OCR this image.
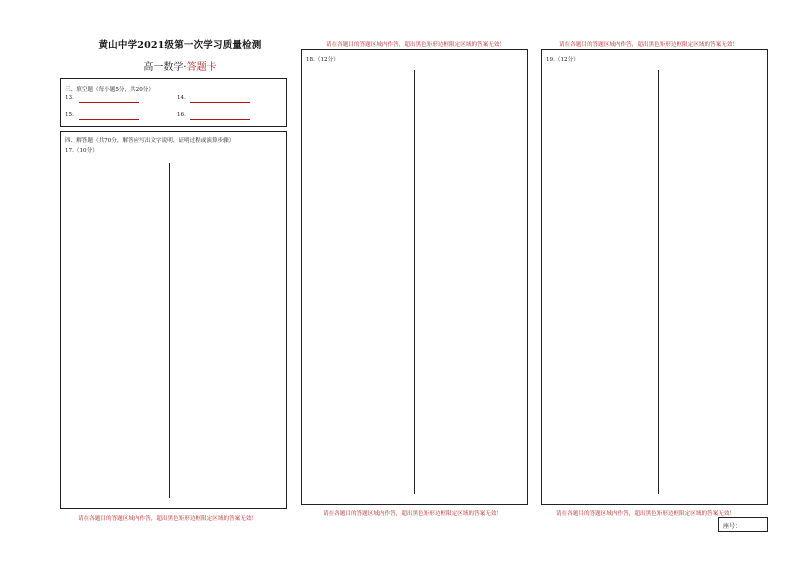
黄山中学2021级第一次学习质量检测
高一数学·答题卡
三、填空题（每小题5分，共20分）
13.	14.
15.	16.
四、解答题（共70分，解答应写出文字说明、证明过程或演算步骤）
17.（10分）
请在各题目的答题区域内作答，超出黑色矩形边框限定区域的答案无效！
请在各题目的答题区域内作答，超出黑色矩形边框限定区域的答案无效！
18.（12分）
请在各题目的答题区域内作答，超出黑色矩形边框限定区域的答案无效！
请在各题目的答题区域内作答，超出黑色矩形边框限定区域的答案无效！
19.（12分）
请在各题目的答题区域内作答，超出黑色矩形边框限定区域的答案无效！
座号：
